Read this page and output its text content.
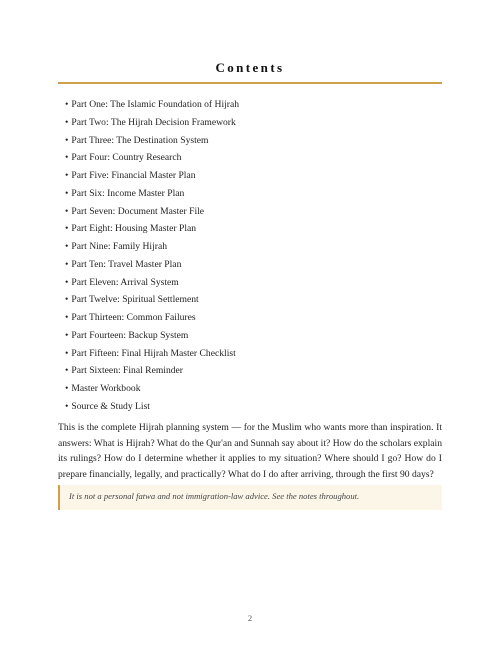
Contents
• Part One: The Islamic Foundation of Hijrah
• Part Two: The Hijrah Decision Framework
• Part Three: The Destination System
• Part Four: Country Research
• Part Five: Financial Master Plan
• Part Six: Income Master Plan
• Part Seven: Document Master File
• Part Eight: Housing Master Plan
• Part Nine: Family Hijrah
• Part Ten: Travel Master Plan
• Part Eleven: Arrival System
• Part Twelve: Spiritual Settlement
• Part Thirteen: Common Failures
• Part Fourteen: Backup System
• Part Fifteen: Final Hijrah Master Checklist
• Part Sixteen: Final Reminder
• Master Workbook
• Source & Study List

This is the complete Hijrah planning system — for the Muslim who wants more than inspiration. It answers: What is Hijrah? What do the Qur'an and Sunnah say about it? How do the scholars explain its rulings? How do I determine whether it applies to my situation? Where should I go? How do I prepare financially, legally, and practically? What do I do after arriving, through the first 90 days?

It is not a personal fatwa and not immigration-law advice. See the notes throughout.

2
